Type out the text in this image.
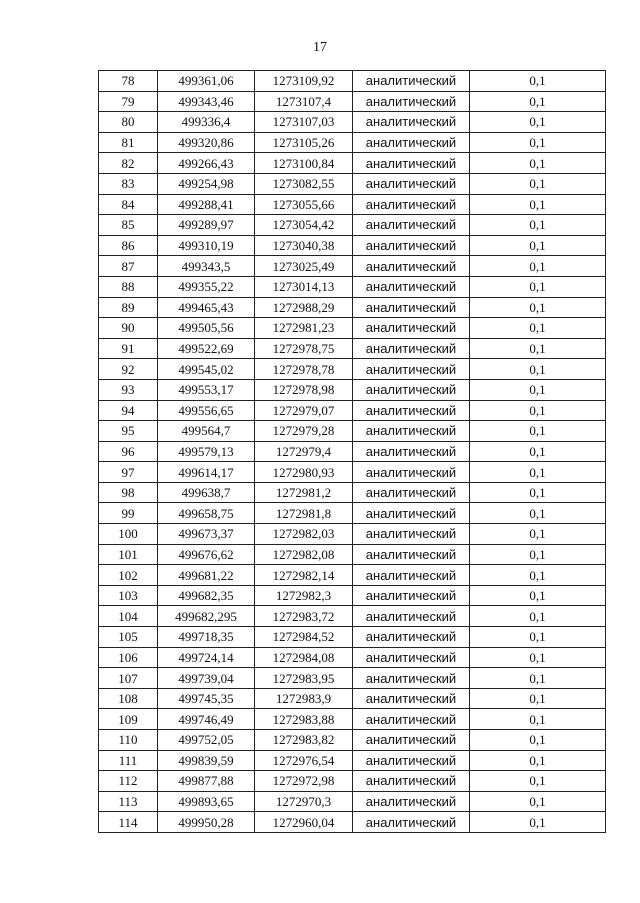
17
78	499361,06	1273109,92	аналитический	0,1
79	499343,46	1273107,4	аналитический	0,1
80	499336,4	1273107,03	аналитический	0,1
81	499320,86	1273105,26	аналитический	0,1
82	499266,43	1273100,84	аналитический	0,1
83	499254,98	1273082,55	аналитический	0,1
84	499288,41	1273055,66	аналитический	0,1
85	499289,97	1273054,42	аналитический	0,1
86	499310,19	1273040,38	аналитический	0,1
87	499343,5	1273025,49	аналитический	0,1
88	499355,22	1273014,13	аналитический	0,1
89	499465,43	1272988,29	аналитический	0,1
90	499505,56	1272981,23	аналитический	0,1
91	499522,69	1272978,75	аналитический	0,1
92	499545,02	1272978,78	аналитический	0,1
93	499553,17	1272978,98	аналитический	0,1
94	499556,65	1272979,07	аналитический	0,1
95	499564,7	1272979,28	аналитический	0,1
96	499579,13	1272979,4	аналитический	0,1
97	499614,17	1272980,93	аналитический	0,1
98	499638,7	1272981,2	аналитический	0,1
99	499658,75	1272981,8	аналитический	0,1
100	499673,37	1272982,03	аналитический	0,1
101	499676,62	1272982,08	аналитический	0,1
102	499681,22	1272982,14	аналитический	0,1
103	499682,35	1272982,3	аналитический	0,1
104	499682,295	1272983,72	аналитический	0,1
105	499718,35	1272984,52	аналитический	0,1
106	499724,14	1272984,08	аналитический	0,1
107	499739,04	1272983,95	аналитический	0,1
108	499745,35	1272983,9	аналитический	0,1
109	499746,49	1272983,88	аналитический	0,1
110	499752,05	1272983,82	аналитический	0,1
111	499839,59	1272976,54	аналитический	0,1
112	499877,88	1272972,98	аналитический	0,1
113	499893,65	1272970,3	аналитический	0,1
114	499950,28	1272960,04	аналитический	0,1
